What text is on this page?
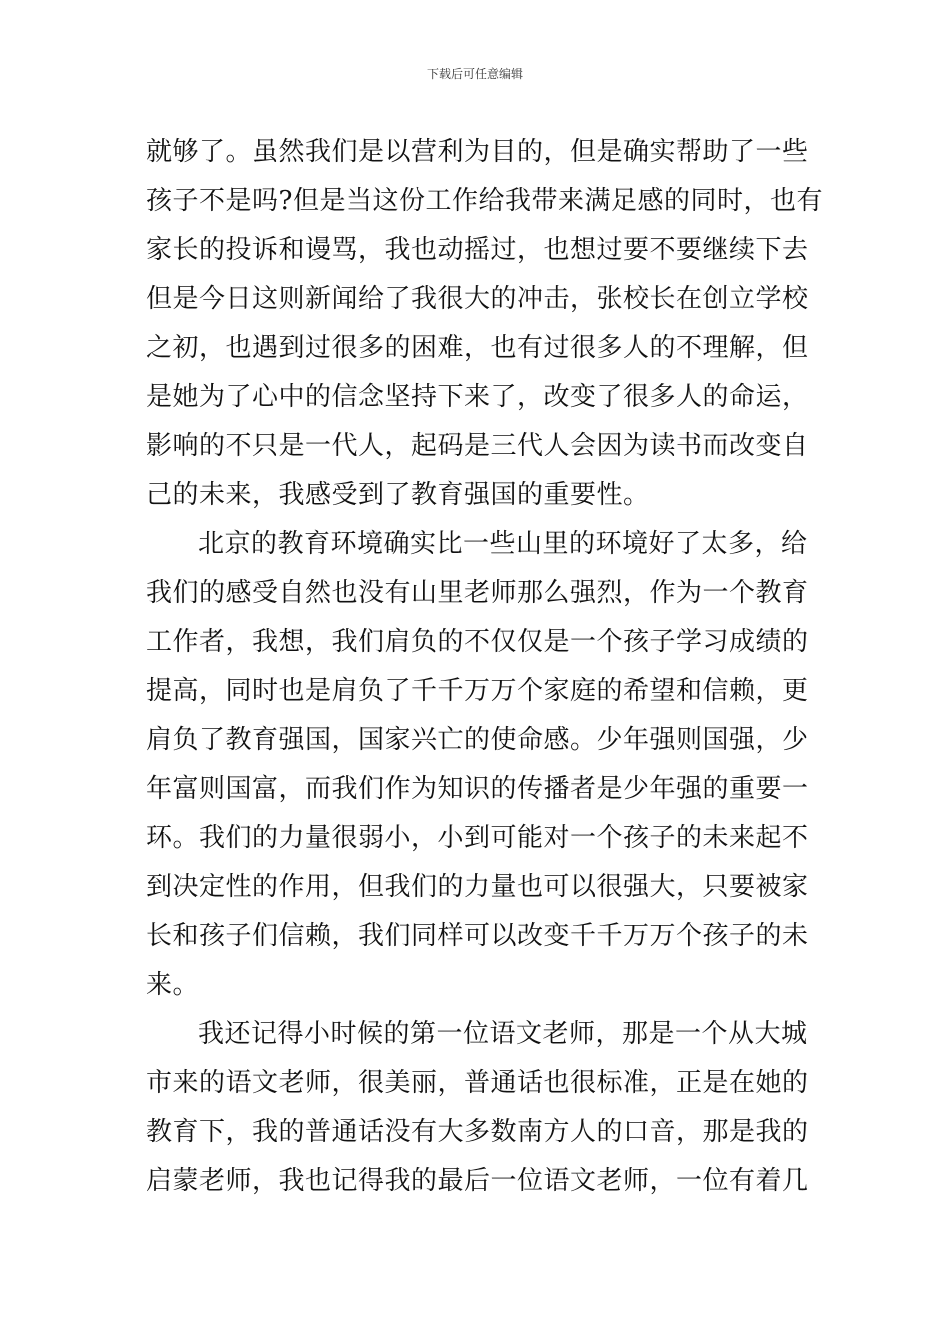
下载后可任意编辑

就够了。虽然我们是以营利为目的，但是确实帮助了一些
孩子不是吗?但是当这份工作给我带来满足感的同时，也有
家长的投诉和谩骂，我也动摇过，也想过要不要继续下去
但是今日这则新闻给了我很大的冲击，张校长在创立学校
之初，也遇到过很多的困难，也有过很多人的不理解，但
是她为了心中的信念坚持下来了，改变了很多人的命运，
影响的不只是一代人，起码是三代人会因为读书而改变自
己的未来，我感受到了教育强国的重要性。

北京的教育环境确实比一些山里的环境好了太多，给
我们的感受自然也没有山里老师那么强烈，作为一个教育
工作者，我想，我们肩负的不仅仅是一个孩子学习成绩的
提高，同时也是肩负了千千万万个家庭的希望和信赖，更
肩负了教育强国，国家兴亡的使命感。少年强则国强，少
年富则国富，而我们作为知识的传播者是少年强的重要一
环。我们的力量很弱小，小到可能对一个孩子的未来起不
到决定性的作用，但我们的力量也可以很强大，只要被家
长和孩子们信赖，我们同样可以改变千千万万个孩子的未
来。

我还记得小时候的第一位语文老师，那是一个从大城
市来的语文老师，很美丽，普通话也很标准，正是在她的
教育下，我的普通话没有大多数南方人的口音，那是我的
启蒙老师，我也记得我的最后一位语文老师，一位有着几
